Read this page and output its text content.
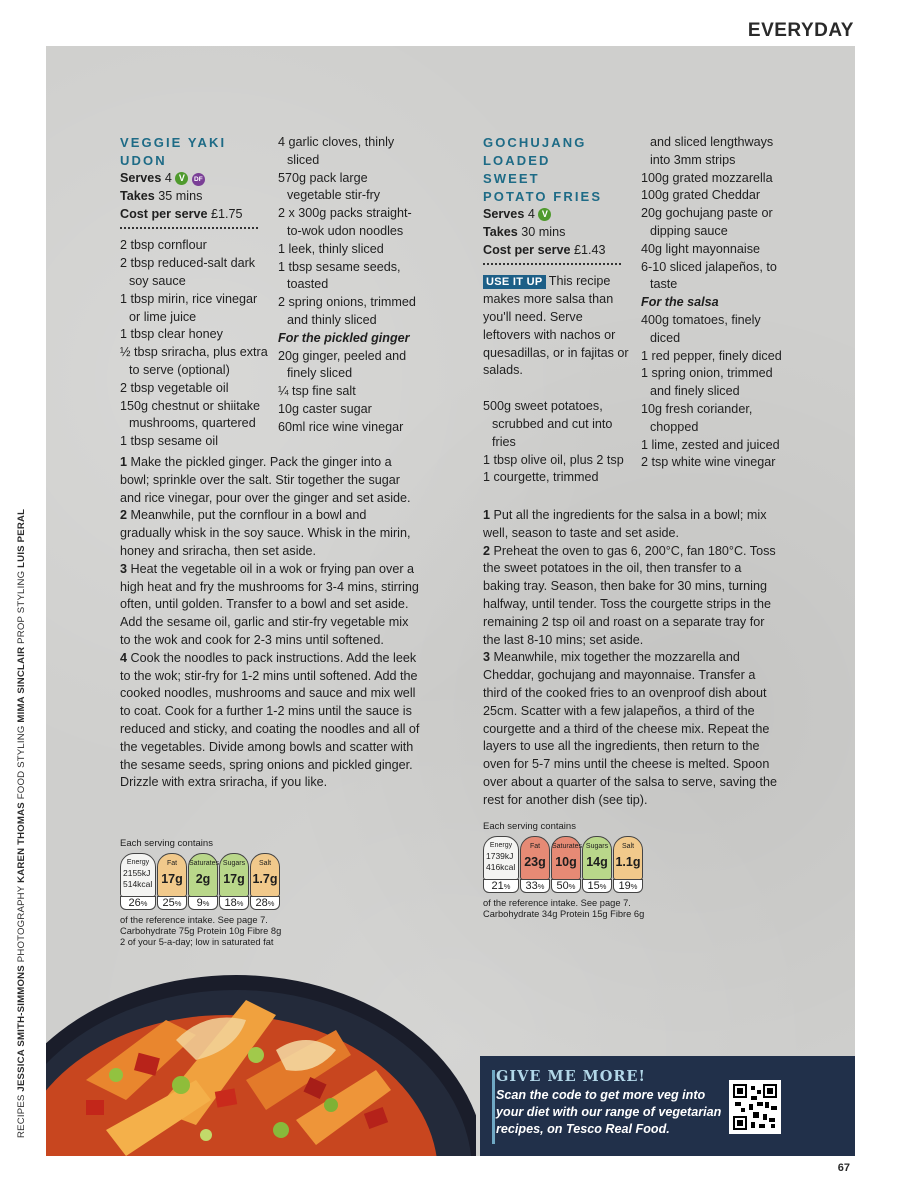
EVERYDAY
RECIPES JESSICA SMITH-SIMMONS PHOTOGRAPHY KAREN THOMAS FOOD STYLING MIMA SINCLAIR PROP STYLING LUIS PERAL

VEGGIE YAKI UDON

Serves 4 V DF

Takes 35 mins

Cost per serve £1.75

2 tbsp cornflour

2 tbsp reduced-salt dark soy sauce

1 tbsp mirin, rice vinegar or lime juice

1 tbsp clear honey

½ tbsp sriracha, plus extra to serve (optional)

2 tbsp vegetable oil

150g chestnut or shiitake mushrooms, quartered

1 tbsp sesame oil

4 garlic cloves, thinly sliced

570g pack large vegetable stir-fry

2 x 300g packs straight-to-wok udon noodles

1 leek, thinly sliced

1 tbsp sesame seeds, toasted

2 spring onions, trimmed and thinly sliced

For the pickled ginger

20g ginger, peeled and finely sliced

¼ tsp fine salt

10g caster sugar

60ml rice wine vinegar

1 Make the pickled ginger. Pack the ginger into a bowl; sprinkle over the salt. Stir together the sugar and rice vinegar, pour over the ginger and set aside.

2 Meanwhile, put the cornflour in a bowl and gradually whisk in the soy sauce. Whisk in the mirin, honey and sriracha, then set aside.

3 Heat the vegetable oil in a wok or frying pan over a high heat and fry the mushrooms for 3-4 mins, stirring often, until golden. Transfer to a bowl and set aside. Add the sesame oil, garlic and stir-fry vegetable mix to the wok and cook for 2-3 mins until softened.

4 Cook the noodles to pack instructions. Add the leek to the wok; stir-fry for 1-2 mins until softened. Add the cooked noodles, mushrooms and sauce and mix well to coat. Cook for a further 1-2 mins until the sauce is reduced and sticky, and coating the noodles and all of the vegetables. Divide among bowls and scatter with the sesame seeds, spring onions and pickled ginger. Drizzle with extra sriracha, if you like.

Each serving contains
Energy
2155kJ
514kcal
26%
Fat
17g
25%
Saturates
2g
9%
Sugars
17g
18%
Salt
1.7g
28%
of the reference intake. See page 7.
Carbohydrate 75g Protein 10g Fibre 8g
2 of your 5-a-day; low in saturated fat

GOCHUJANG LOADED SWEET POTATO FRIES

Serves 4 V

Takes 30 mins

Cost per serve £1.43

USE IT UP This recipe makes more salsa than you'll need. Serve leftovers with nachos or quesadillas, or in fajitas or salads.

500g sweet potatoes, scrubbed and cut into fries

1 tbsp olive oil, plus 2 tsp

1 courgette, trimmed

and sliced lengthways into 3mm strips

100g grated mozzarella

100g grated Cheddar

20g gochujang paste or dipping sauce

40g light mayonnaise

6-10 sliced jalapeños, to taste

For the salsa

400g tomatoes, finely diced

1 red pepper, finely diced

1 spring onion, trimmed and finely sliced

10g fresh coriander, chopped

1 lime, zested and juiced

2 tsp white wine vinegar

1 Put all the ingredients for the salsa in a bowl; mix well, season to taste and set aside.

2 Preheat the oven to gas 6, 200°C, fan 180°C. Toss the sweet potatoes in the oil, then transfer to a baking tray. Season, then bake for 30 mins, turning halfway, until tender. Toss the courgette strips in the remaining 2 tsp oil and roast on a separate tray for the last 8-10 mins; set aside.

3 Meanwhile, mix together the mozzarella and Cheddar, gochujang and mayonnaise. Transfer a third of the cooked fries to an ovenproof dish about 25cm. Scatter with a few jalapeños, a third of the courgette and a third of the cheese mix. Repeat the layers to use all the ingredients, then return to the oven for 5-7 mins until the cheese is melted. Spoon over about a quarter of the salsa to serve, saving the rest for another dish (see tip).

Each serving contains
Energy
1739kJ
416kcal
21%
Fat
23g
33%
Saturates
10g
50%
Sugars
14g
15%
Salt
1.1g
19%
of the reference intake. See page 7.
Carbohydrate 34g Protein 15g Fibre 6g
GIVE ME MORE!
Scan the code to get more veg into your diet with our range of vegetarian recipes, on Tesco Real Food.
67
